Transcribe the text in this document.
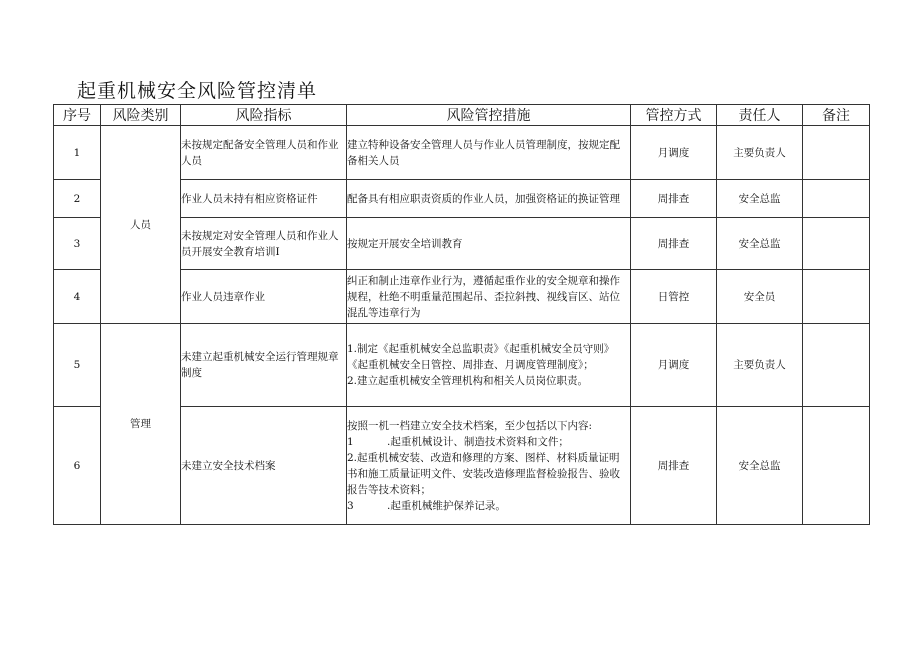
起重机械安全风险管控清单
序号	风险类别	风险指标	风险管控措施	管控方式	责任人	备注
1	人员	未按规定配备安全管理人员和作业人员	建立特种设备安全管理人员与作业人员管理制度，按规定配备相关人员	月调度	主要负责人	
2		作业人员未持有相应资格证件	配备具有相应职责资质的作业人员，加强资格证的换证管理	周排查	安全总监	
3		未按规定对安全管理人员和作业人员开展安全教育培训I	按规定开展安全培训教育	周排查	安全总监	
4		作业人员违章作业	纠正和制止违章作业行为，遵循起重作业的安全规章和操作规程，杜绝不明重量范围起吊、歪拉斜拽、视线盲区、站位混乱等违章行为	日管控	安全员	
5	管理	未建立起重机械安全运行管理规章制度	1.制定《起重机械安全总监职责》《起重机械安全员守则》《起重机械安全日管控、周排查、月调度管理制度》；
2.建立起重机械安全管理机构和相关人员岗位职责。	月调度	主要负责人	
6		未建立安全技术档案	按照一机一档建立安全技术档案，至少包括以下内容:
1 .起重机械设计、制造技术资料和文件；
2.起重机械安装、改造和修理的方案、图样、材料质量证明书和施工质量证明文件、安装改造修理监督检验报告、验收报告等技术资料；
3 .起重机械维护保养记录。	周排查	安全总监	
